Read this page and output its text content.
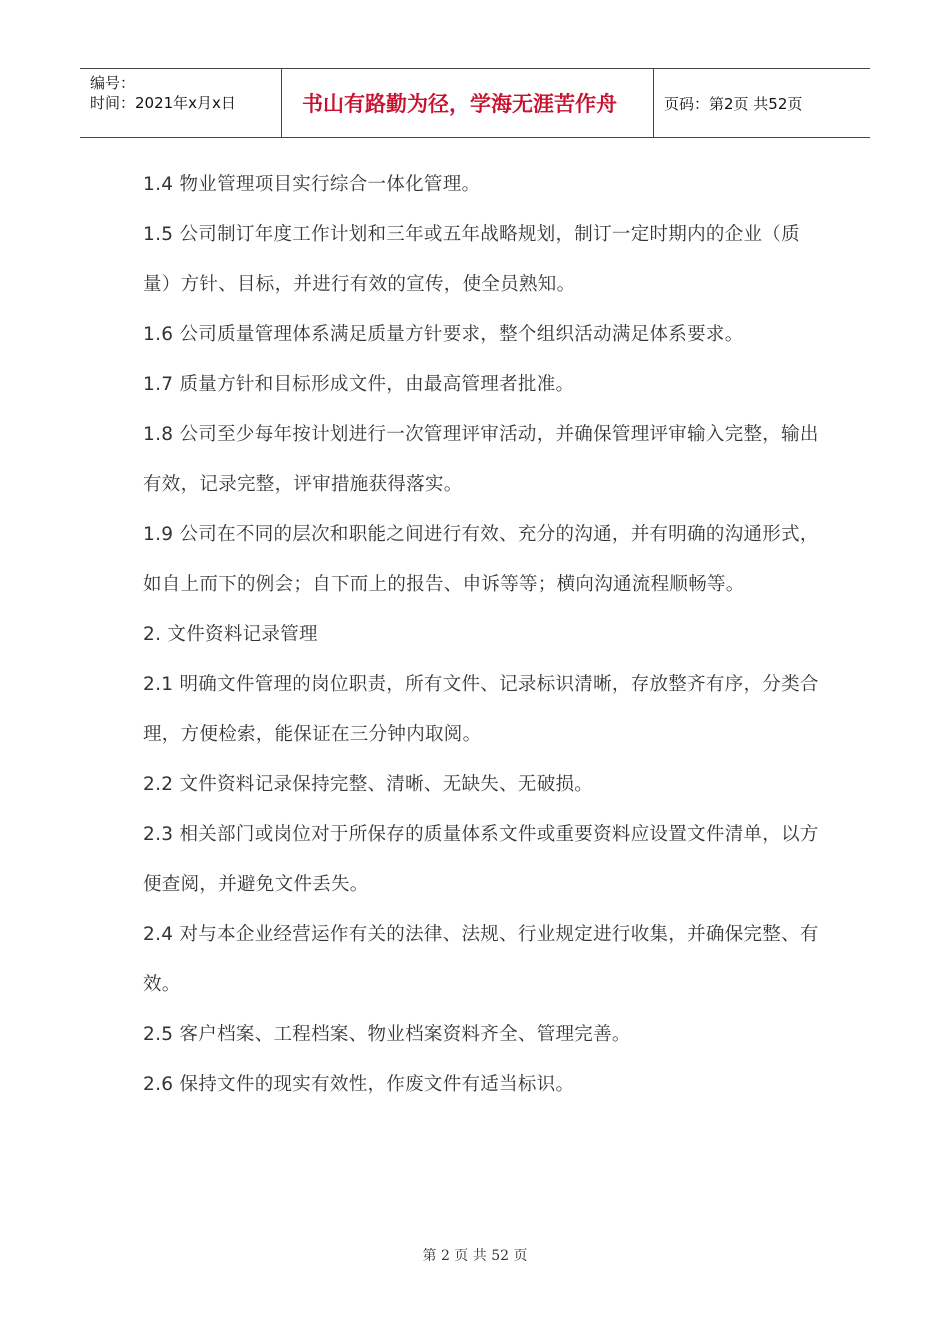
编号：
时间：2021年x月x日	书山有路勤为径，学海无涯苦作舟	页码：第2页 共52页

1.4 物业管理项目实行综合一体化管理。

1.5 公司制订年度工作计划和三年或五年战略规划，制订一定时期内的企业（质量）方针、目标，并进行有效的宣传，使全员熟知。

1.6 公司质量管理体系满足质量方针要求，整个组织活动满足体系要求。

1.7 质量方针和目标形成文件，由最高管理者批准。

1.8 公司至少每年按计划进行一次管理评审活动，并确保管理评审输入完整，输出有效，记录完整，评审措施获得落实。

1.9 公司在不同的层次和职能之间进行有效、充分的沟通，并有明确的沟通形式，如自上而下的例会；自下而上的报告、申诉等等；横向沟通流程顺畅等。

2. 文件资料记录管理

2.1 明确文件管理的岗位职责，所有文件、记录标识清晰，存放整齐有序，分类合理，方便检索，能保证在三分钟内取阅。

2.2 文件资料记录保持完整、清晰、无缺失、无破损。

2.3 相关部门或岗位对于所保存的质量体系文件或重要资料应设置文件清单，以方便查阅，并避免文件丢失。

2.4 对与本企业经营运作有关的法律、法规、行业规定进行收集，并确保完整、有效。

2.5 客户档案、工程档案、物业档案资料齐全、管理完善。

2.6 保持文件的现实有效性，作废文件有适当标识。

第 2 页 共 52 页
